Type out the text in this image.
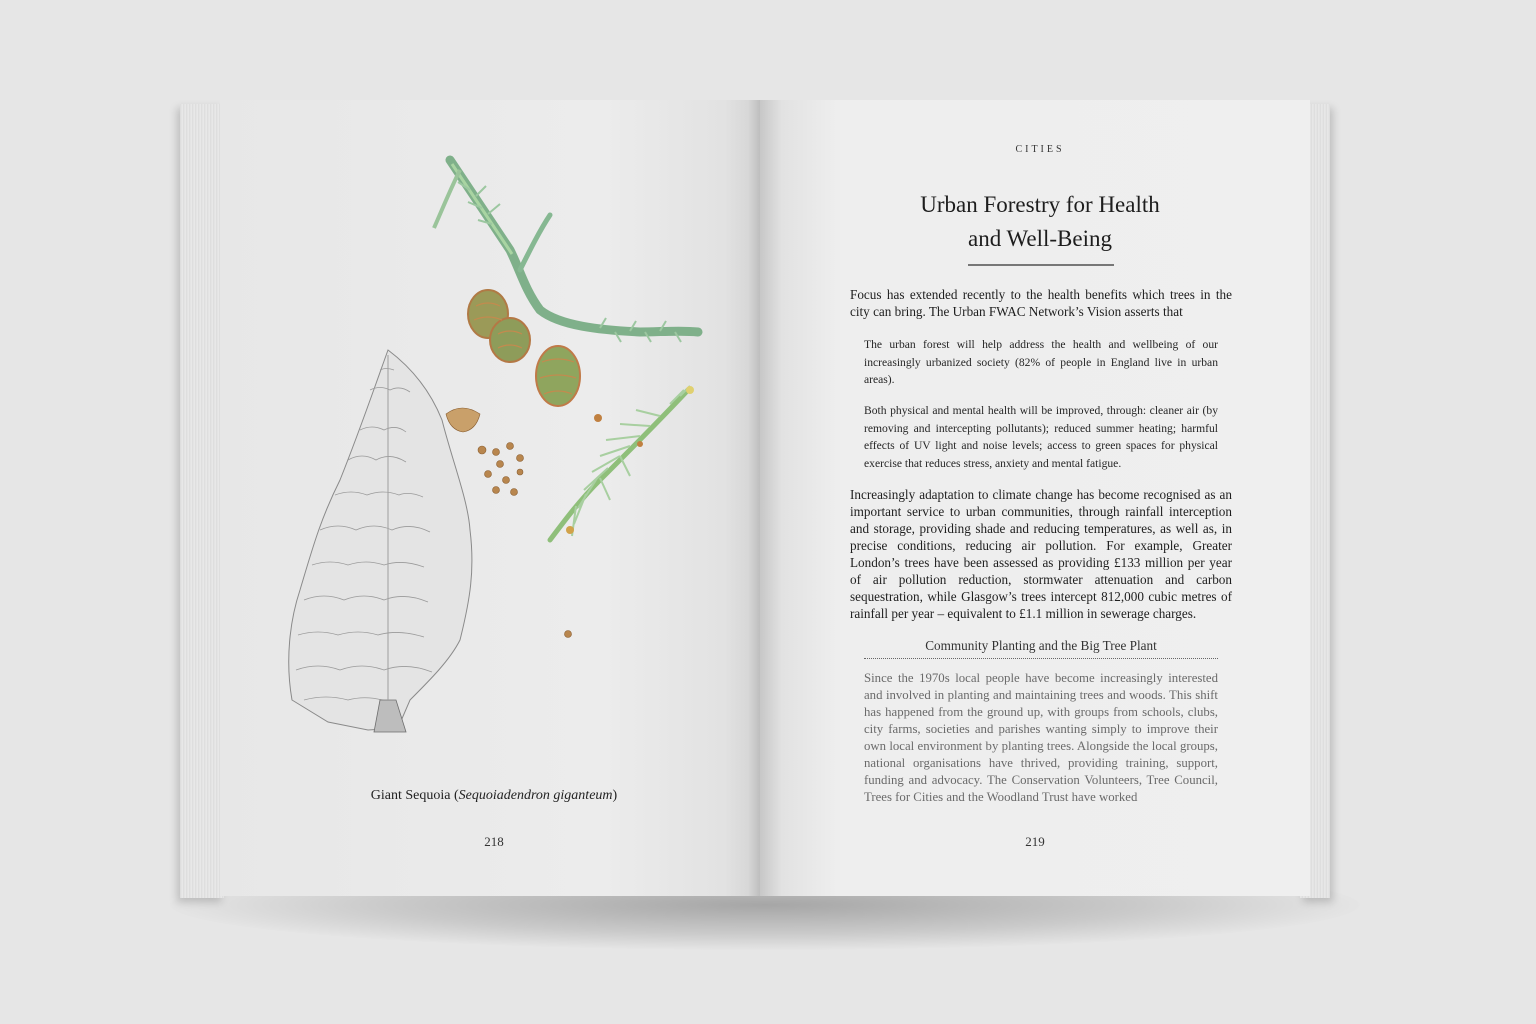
Giant Sequoia (Sequoiadendron giganteum)
218
CITIES
Urban Forestry for Health
and Well-Being

Focus has extended recently to the health benefits which trees in the city can bring. The Urban FWAC Network’s Vision asserts that

The urban forest will help address the health and wellbeing of our increasingly urbanized society (82% of people in England live in urban areas).

Both physical and mental health will be improved, through: cleaner air (by removing and intercepting pollutants); reduced summer heating; harmful effects of UV light and noise levels; access to green spaces for physical exercise that reduces stress, anxiety and mental fatigue.

Increasingly adaptation to climate change has become recognised as an important service to urban communities, through rainfall interception and storage, providing shade and reducing temperatures, as well as, in precise conditions, reducing air pollution. For example, Greater London’s trees have been assessed as providing £133 million per year of air pollution reduction, stormwater attenuation and carbon sequestration, while Glasgow’s trees intercept 812,000 cubic metres of rainfall per year – equivalent to £1.1 million in sewerage charges.

Community Planting and the Big Tree Plant

Since the 1970s local people have become increasingly interested and involved in planting and maintaining trees and woods. This shift has happened from the ground up, with groups from schools, clubs, city farms, societies and parishes wanting simply to improve their own local environment by planting trees. Alongside the local groups, national organisations have thrived, providing training, support, funding and advocacy. The Conservation Volunteers, Tree Council, Trees for Cities and the Woodland Trust have worked

219
